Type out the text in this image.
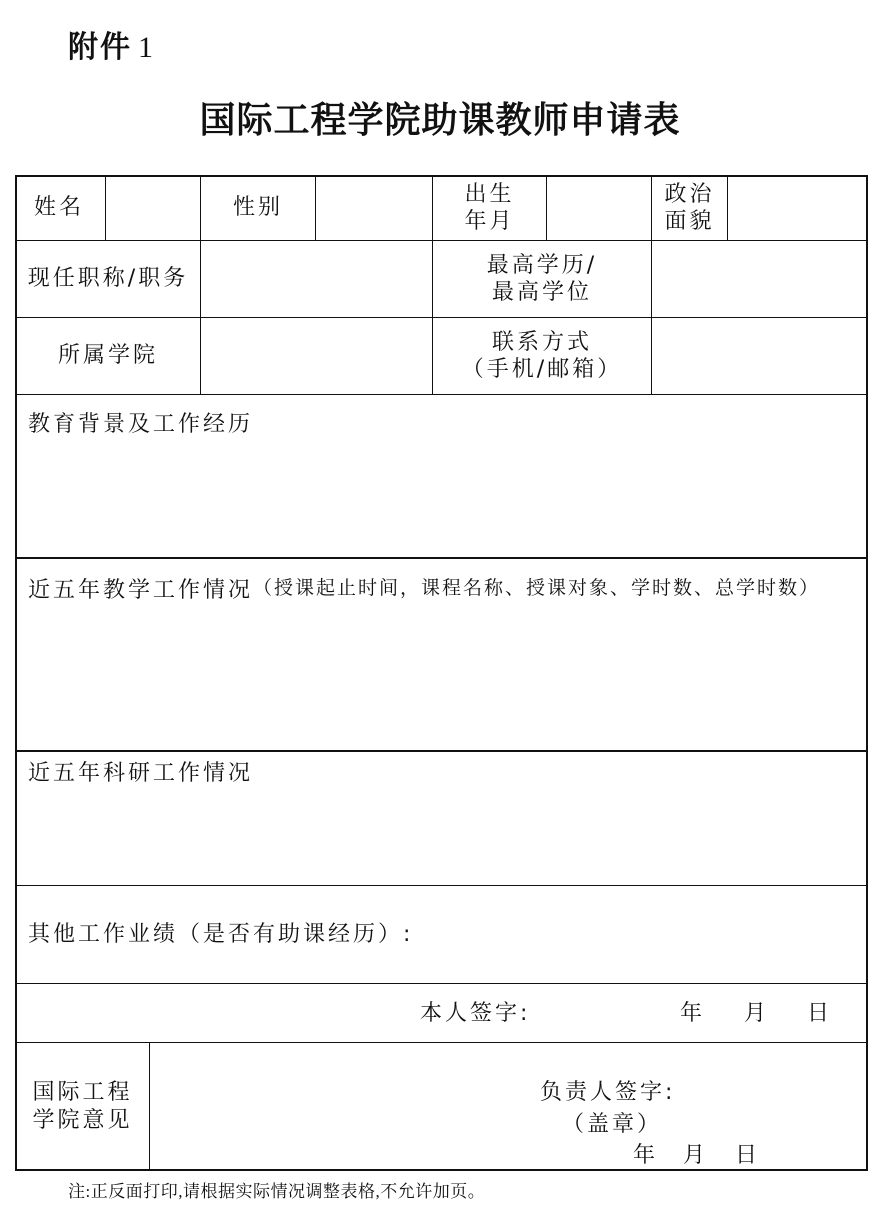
附件 1
国际工程学院助课教师申请表
姓名	性别
出生
年月
政治
面貌
现任职称/职务
最高学历/
最高学位
所属学院
联系方式
（手机/邮箱）
教育背景及工作经历
近五年教学工作情况 （授课起止时间，课程名称、授课对象、学时数、总学时数）
近五年科研工作情况
其他工作业绩（是否有助课经历）:
本人签字:	年 月 日
国际工程
学院意见
负责人签字:
（盖章）
年 月 日
注:正反面打印,请根据实际情况调整表格,不允许加页。
